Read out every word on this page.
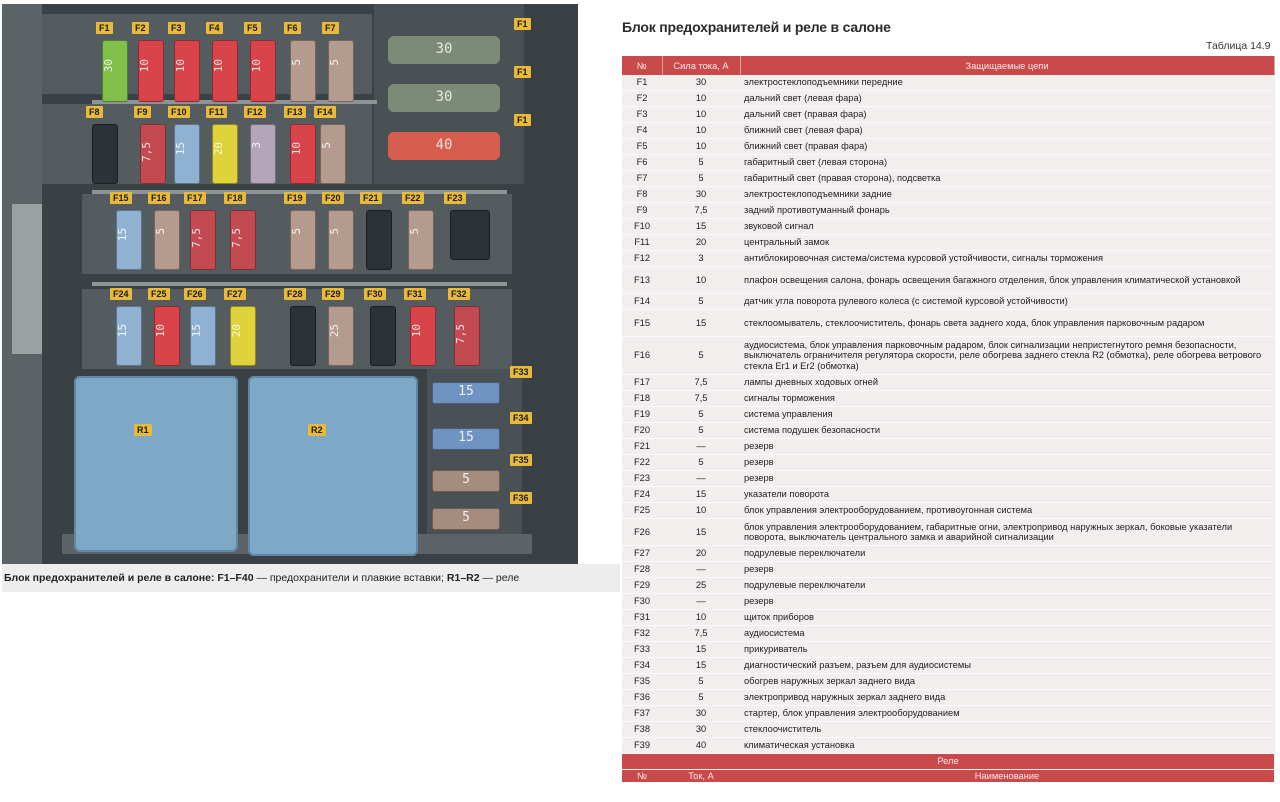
30
F1
10
F2
10
F3
10
F4
10
F5
5
F6
5
F7
F8
7,5
F9
15
F10
20
F11
3
F12
10
F13
5
F14
15
F15
5
F16
7,5
F17
7,5
F18
5
F19
5
F20	F21
5
F22	F23
15
F24
10
F25
15
F26
20
F27	F28
25
F29	F30
10
F31
7,5
F32
15
F33
15
F34
5
F35
5
F36
30
F1
30
F1
40
F1
R1	R2
Блок предохранителей и реле в салоне: F1–F40 — предохранители и плавкие вставки; R1–R2 — реле
Блок предохранителей и реле в салоне
Таблица 14.9
№	Сила тока, А	Защищаемые цепи
F1	30	электростеклоподъемники передние
F2	10	дальний свет (левая фара)
F3	10	дальний свет (правая фара)
F4	10	ближний свет (левая фара)
F5	10	ближний свет (правая фара)
F6	5	габаритный свет (левая сторона)
F7	5	габаритный свет (правая сторона), подсветка
F8	30	электростеклоподъемники задние
F9	7,5	задний противотуманный фонарь
F10	15	звуковой сигнал
F11	20	центральный замок
F12	3	антиблокировочная система/система курсовой устойчивости, сигналы торможения
F13	10	плафон освещения салона, фонарь освещения багажного отделения, блок управления климатической установкой
F14	5	датчик угла поворота рулевого колеса (с системой курсовой устойчивости)
F15	15	стеклоомыватель, стеклоочиститель, фонарь света заднего хода, блок управления парковочным радаром
F16	5	аудиосистема, блок управления парковочным радаром, блок сигнализации непристегнутого ремня безопасности, выключатель ограничителя регулятора скорости, реле обогрева заднего стекла R2 (обмотка), реле обогрева ветрового стекла Er1 и Er2 (обмотка)
F17	7,5	лампы дневных ходовых огней
F18	7,5	сигналы торможения
F19	5	система управления
F20	5	система подушек безопасности
F21	—	резерв
F22	5	резерв
F23	—	резерв
F24	15	указатели поворота
F25	10	блок управления электрооборудованием, противоугонная система
F26	15	блок управления электрооборудованием, габаритные огни, электропривод наружных зеркал, боковые указатели поворота, выключатель центрального замка и аварийной сигнализации
F27	20	подрулевые переключатели
F28	—	резерв
F29	25	подрулевые переключатели
F30	—	резерв
F31	10	щиток приборов
F32	7,5	аудиосистема
F33	15	прикуриватель
F34	15	диагностический разъем, разъем для аудиосистемы
F35	5	обогрев наружных зеркал заднего вида
F36	5	электропривод наружных зеркал заднего вида
F37	30	стартер, блок управления электрооборудованием
F38	30	стеклоочиститель
F39	40	климатическая установка
Реле		
№	Ток, А	Наименование
